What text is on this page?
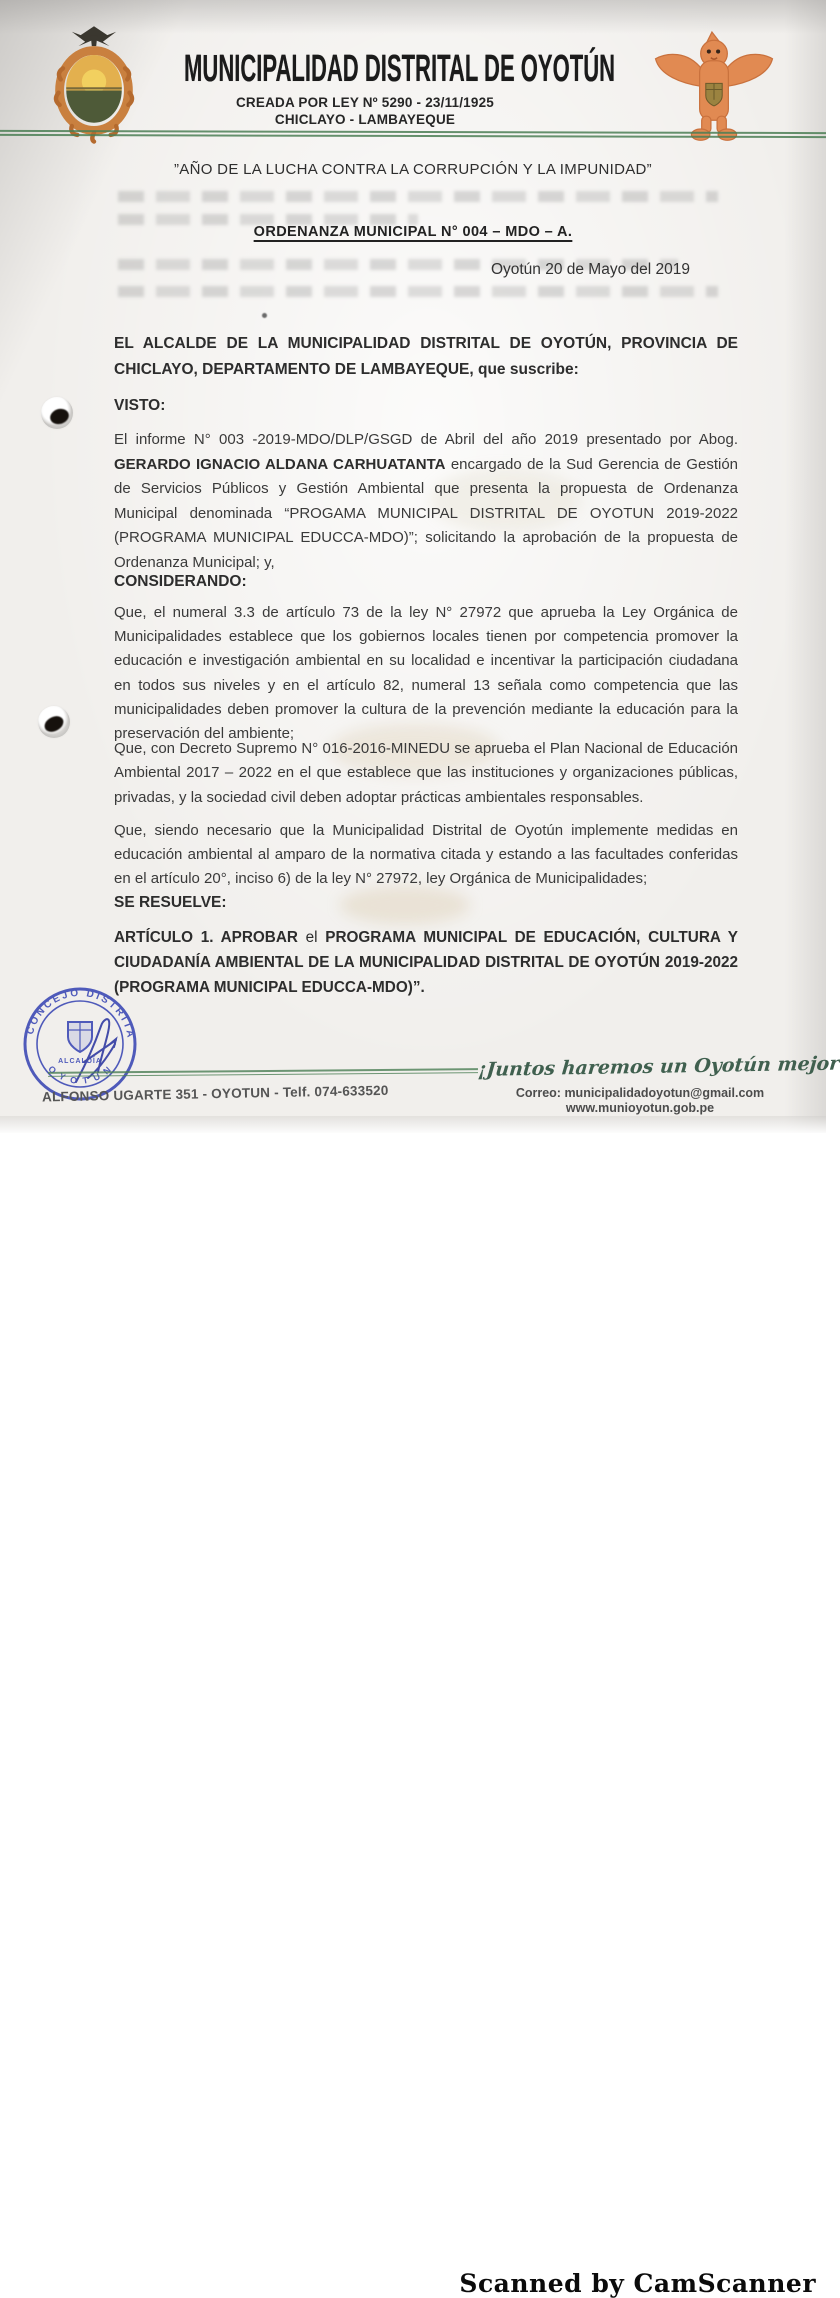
MUNICIPALIDAD DISTRITAL DE OYOTÚN
CREADA POR LEY Nº 5290 - 23/11/1925
CHICLAYO - LAMBAYEQUE
”AÑO DE LA LUCHA CONTRA LA CORRUPCIÓN Y LA IMPUNIDAD”
ORDENANZA MUNICIPAL N° 004 – MDO – A.
Oyotún 20 de Mayo del 2019
EL ALCALDE DE LA MUNICIPALIDAD DISTRITAL DE OYOTÚN, PROVINCIA DE CHICLAYO, DEPARTAMENTO DE LAMBAYEQUE, que suscribe:
VISTO:
El informe N° 003 -2019-MDO/DLP/GSGD de Abril del año 2019 presentado por Abog. GERARDO IGNACIO ALDANA CARHUATANTA encargado de la Sud Gerencia de Gestión de Servicios Públicos y Gestión Ambiental que presenta la propuesta de Ordenanza Municipal denominada “PROGAMA MUNICIPAL DISTRITAL DE OYOTUN 2019-2022 (PROGRAMA MUNICIPAL EDUCCA-MDO)”; solicitando la aprobación de la propuesta de Ordenanza Municipal; y,
CONSIDERANDO:
Que, el numeral 3.3 de artículo 73 de la ley N° 27972 que aprueba la Ley Orgánica de Municipalidades establece que los gobiernos locales tienen por competencia promover la educación e investigación ambiental en su localidad e incentivar la participación ciudadana en todos sus niveles y en el artículo 82, numeral 13 señala como competencia que las municipalidades deben promover la cultura de la prevención mediante la educación para la preservación del ambiente;
Que, con Decreto Supremo N° 016-2016-MINEDU se aprueba el Plan Nacional de Educación Ambiental 2017 – 2022 en el que establece que las instituciones y organizaciones públicas, privadas, y la sociedad civil deben adoptar prácticas ambientales responsables.
Que, siendo necesario que la Municipalidad Distrital de Oyotún implemente medidas en educación ambiental al amparo de la normativa citada y estando a las facultades conferidas en el artículo 20°, inciso 6) de la ley N° 27972, ley Orgánica de Municipalidades;
SE RESUELVE:
ARTÍCULO 1. APROBAR el PROGRAMA MUNICIPAL DE EDUCACIÓN, CULTURA Y CIUDADANÍA AMBIENTAL DE LA MUNICIPALIDAD DISTRITAL DE OYOTÚN 2019-2022 (PROGRAMA MUNICIPAL EDUCCA-MDO)”.
CONCEJO DISTRITAL
O Y O T U N
ALCALDÍA
ALFONSO UGARTE 351 - OYOTUN - Telf. 074-633520
¡Juntos haremos un Oyotún mejor
Correo: municipalidadoyotun@gmail.com
www.munioyotun.gob.pe
Scanned by CamScanner
